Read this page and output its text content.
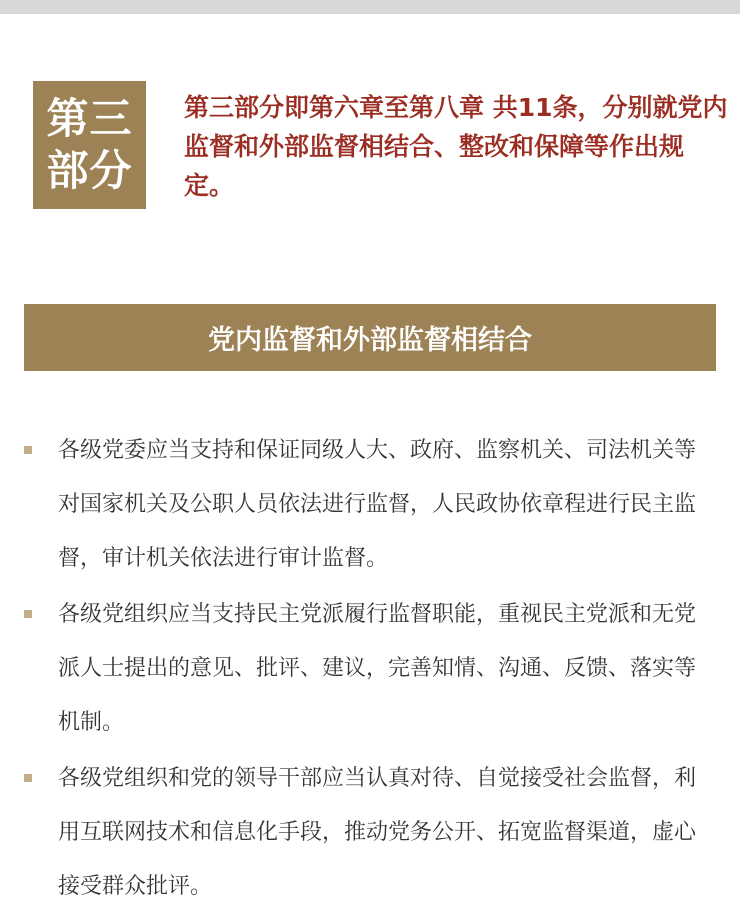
第三
部分

第三部分即第六章至第八章 共11条，分别就党内监督和外部监督相结合、整改和保障等作出规定。

党内监督和外部监督相结合
各级党委应当支持和保证同级人大、政府、监察机关、司法机关等对国家机关及公职人员依法进行监督，人民政协依章程进行民主监督，审计机关依法进行审计监督。
各级党组织应当支持民主党派履行监督职能，重视民主党派和无党派人士提出的意见、批评、建议，完善知情、沟通、反馈、落实等机制。
各级党组织和党的领导干部应当认真对待、自觉接受社会监督，利用互联网技术和信息化手段，推动党务公开、拓宽监督渠道，虚心接受群众批评。
